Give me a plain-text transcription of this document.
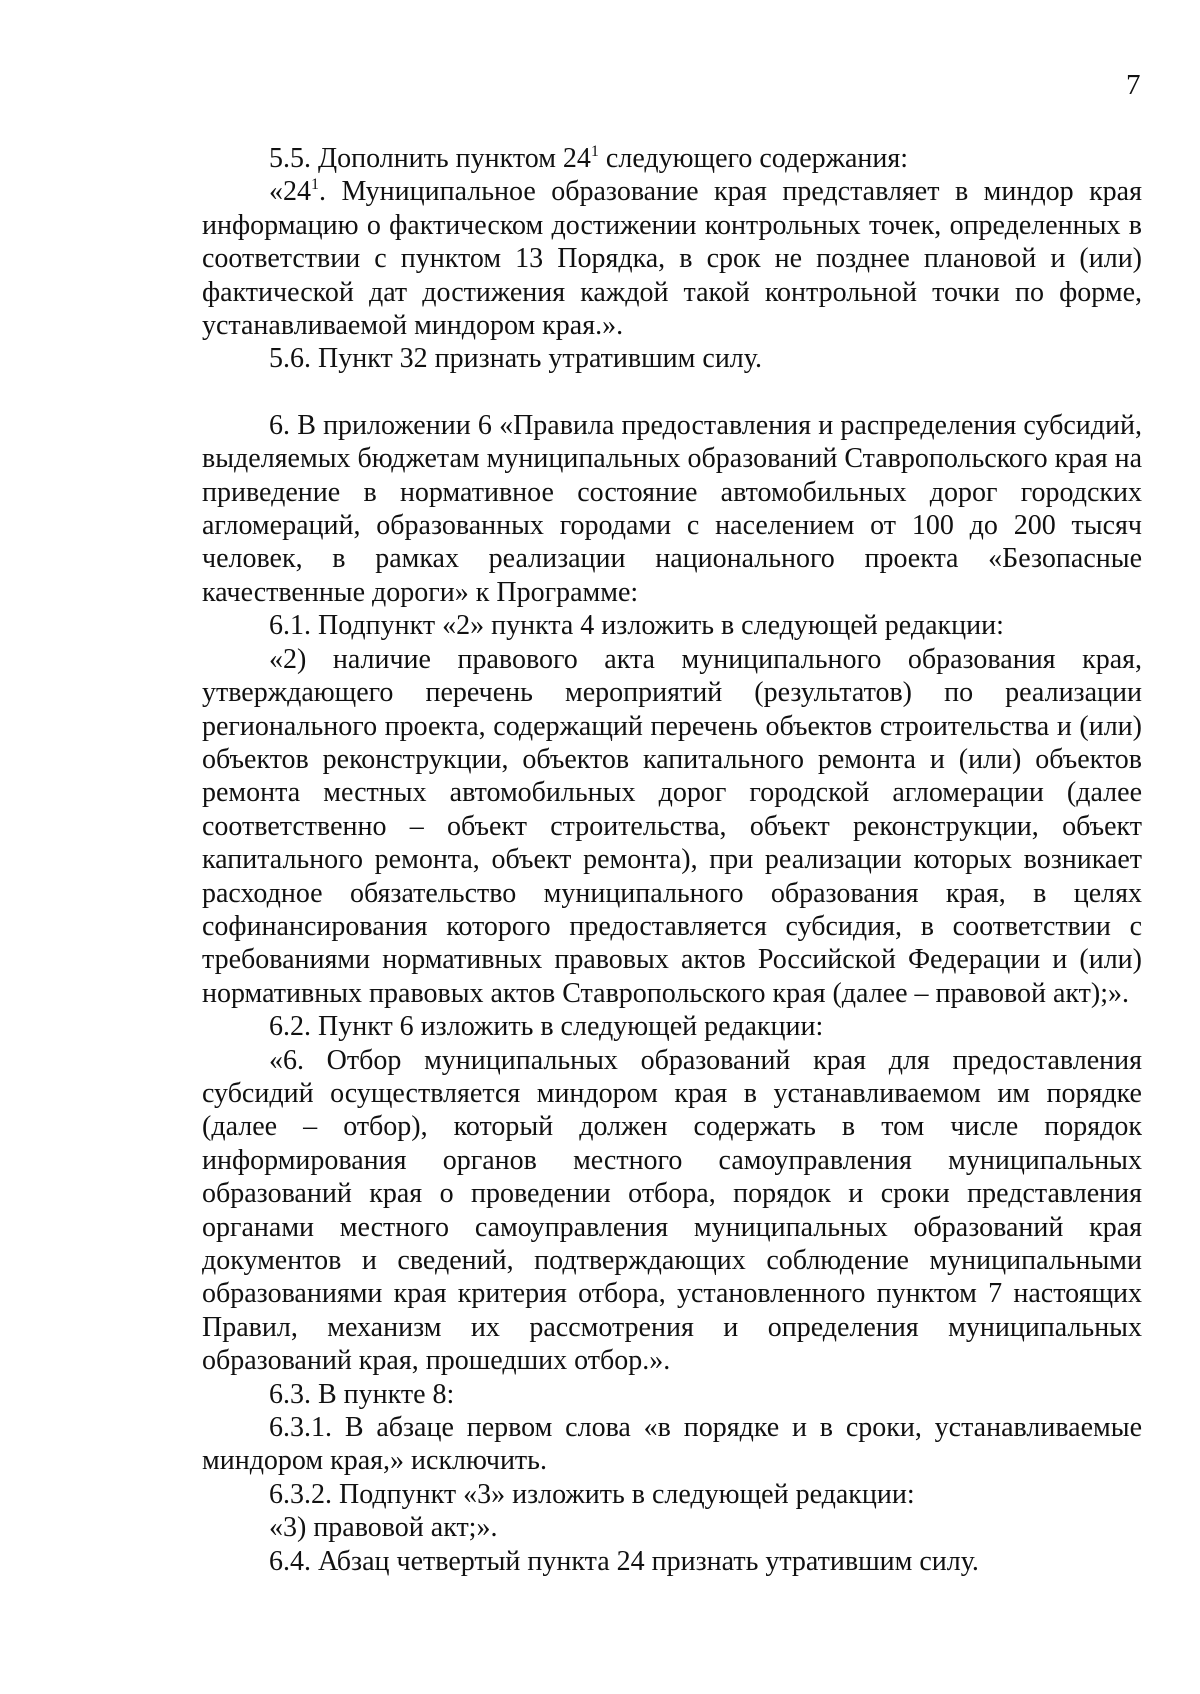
7

5.5. Дополнить пунктом $24^1$ следующего содержания:

«$24^1$. Муниципальное образование края представляет в миндор края информацию о фактическом достижении контрольных точек, определенных в соответствии с пунктом 13 Порядка, в срок не позднее плановой и (или) фактической дат достижения каждой такой контрольной точки по форме, устанавливаемой миндором края.».

5.6. Пункт 32 признать утратившим силу.

6. В приложении 6 «Правила предоставления и распределения субсидий, выделяемых бюджетам муниципальных образований Ставропольского края на приведение в нормативное состояние автомобильных дорог городских агломераций, образованных городами с населением от 100 до 200 тысяч человек, в рамках реализации национального проекта «Безопасные качественные дороги» к Программе:

6.1. Подпункт «2» пункта 4 изложить в следующей редакции:

«2) наличие правового акта муниципального образования края, утверждающего перечень мероприятий (результатов) по реализации регионального проекта, содержащий перечень объектов строительства и (или) объектов реконструкции, объектов капитального ремонта и (или) объектов ремонта местных автомобильных дорог городской агломерации (далее соответственно – объект строительства, объект реконструкции, объект капитального ремонта, объект ремонта), при реализации которых возникает расходное обязательство муниципального образования края, в целях софинансирования которого предоставляется субсидия, в соответствии с требованиями нормативных правовых актов Российской Федерации и (или) нормативных правовых актов Ставропольского края (далее – правовой акт);».

6.2. Пункт 6 изложить в следующей редакции:

«6. Отбор муниципальных образований края для предоставления субсидий осуществляется миндором края в устанавливаемом им порядке (далее – отбор), который должен содержать в том числе порядок информирования органов местного самоуправления муниципальных образований края о проведении отбора, порядок и сроки представления органами местного самоуправления муниципальных образований края документов и сведений, подтверждающих соблюдение муниципальными образованиями края критерия отбора, установленного пунктом 7 настоящих Правил, механизм их рассмотрения и определения муниципальных образований края, прошедших отбор.».

6.3. В пункте 8:

6.3.1. В абзаце первом слова «в порядке и в сроки, устанавливаемые миндором края,» исключить.

6.3.2. Подпункт «3» изложить в следующей редакции:

«3) правовой акт;».

6.4. Абзац четвертый пункта 24 признать утратившим силу.
